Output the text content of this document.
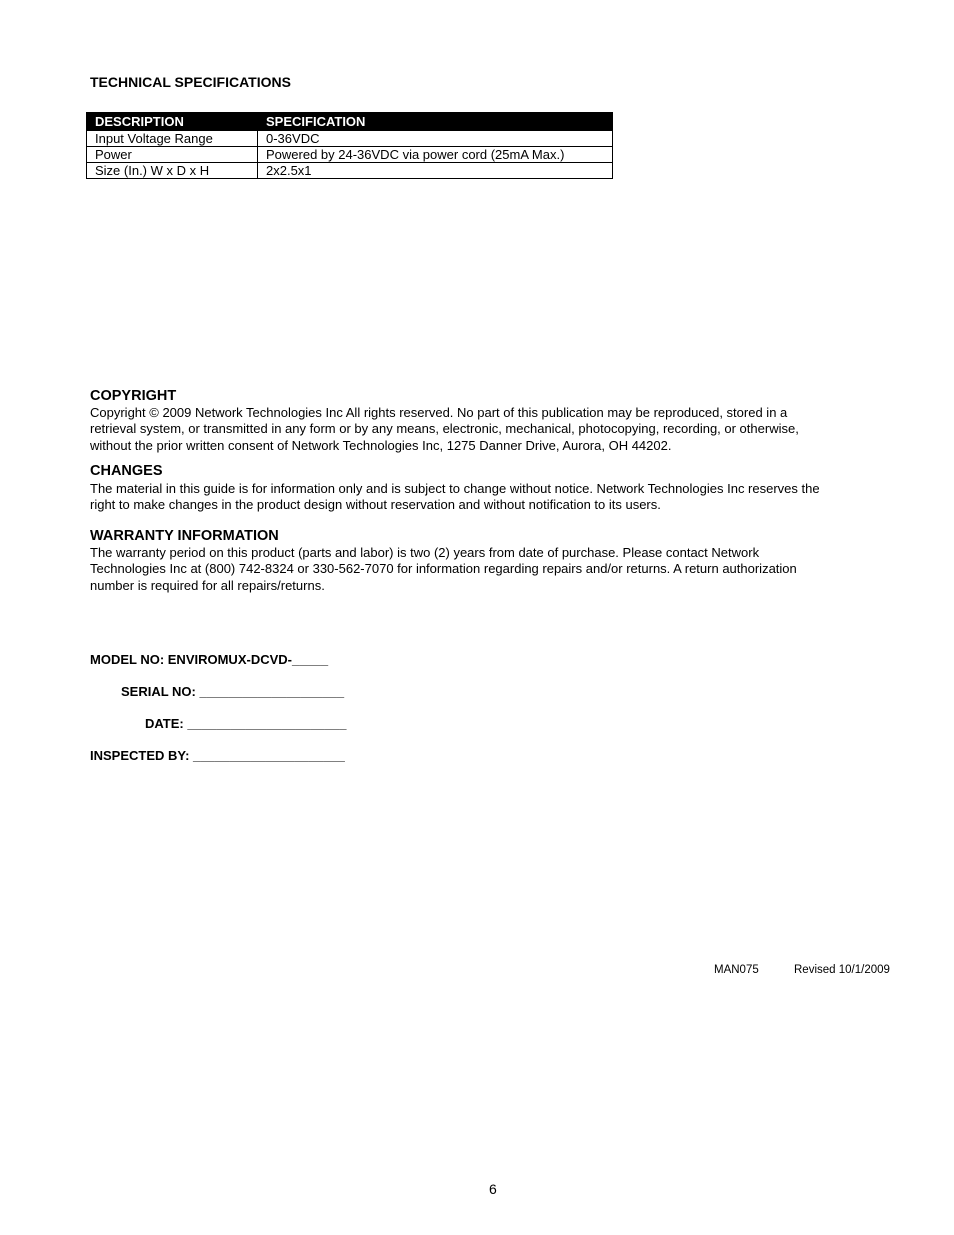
TECHNICAL SPECIFICATIONS
DESCRIPTION	SPECIFICATION
Input Voltage Range	0-36VDC
Power	Powered by 24-36VDC via power cord (25mA Max.)
Size (In.) W x D x H	2x2.5x1
COPYRIGHT
Copyright © 2009 Network Technologies Inc All rights reserved. No part of this publication may be reproduced, stored in a
retrieval system, or transmitted in any form or by any means, electronic, mechanical, photocopying, recording, or otherwise,
without the prior written consent of Network Technologies Inc, 1275 Danner Drive, Aurora, OH 44202.
CHANGES
The material in this guide is for information only and is subject to change without notice. Network Technologies Inc reserves the
right to make changes in the product design without reservation and without notification to its users.
WARRANTY INFORMATION
The warranty period on this product (parts and labor) is two (2) years from date of purchase. Please contact Network
Technologies Inc at (800) 742-8324 or 330-562-7070 for information regarding repairs and/or returns. A return authorization
number is required for all repairs/returns.
MODEL NO: ENVIROMUX-DCVD-_____
SERIAL NO: ____________________
DATE: ______________________
INSPECTED BY: _____________________
MAN075	Revised 10/1/2009
6
